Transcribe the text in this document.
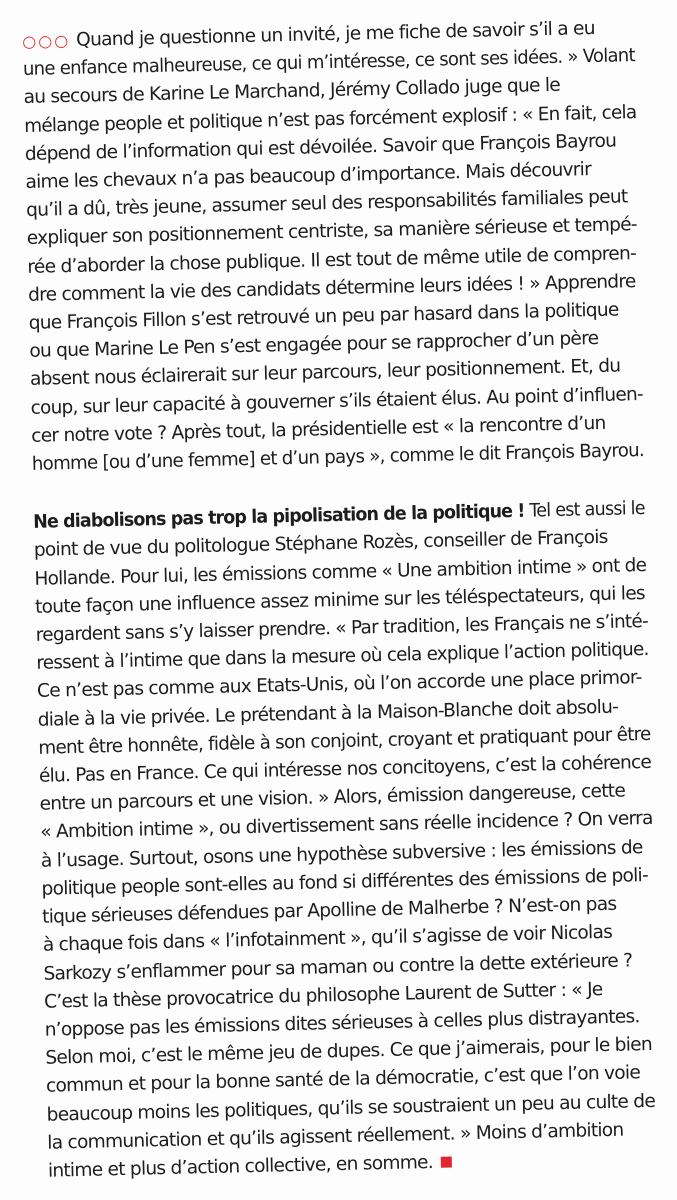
○○○ Quand je questionne un invité, je me fiche de savoir s’il a eu

une enfance malheureuse, ce qui m’intéresse, ce sont ses idées. » Volant

au secours de Karine Le Marchand, Jérémy Collado juge que le

mélange people et politique n’est pas forcément explosif : « En fait, cela

dépend de l’information qui est dévoilée. Savoir que François Bayrou

aime les chevaux n’a pas beaucoup d’importance. Mais découvrir

qu’il a dû, très jeune, assumer seul des responsabilités familiales peut

expliquer son positionnement centriste, sa manière sérieuse et tempé-

rée d’aborder la chose publique. Il est tout de même utile de compren-

dre comment la vie des candidats détermine leurs idées ! » Apprendre

que François Fillon s’est retrouvé un peu par hasard dans la politique

ou que Marine Le Pen s’est engagée pour se rapprocher d’un père

absent nous éclairerait sur leur parcours, leur positionnement. Et, du

coup, sur leur capacité à gouverner s’ils étaient élus. Au point d’influen-

cer notre vote ? Après tout, la présidentielle est « la rencontre d’un

homme [ou d’une femme] et d’un pays », comme le dit François Bayrou.

Ne diabolisons pas trop la pipolisation de la politique ! Tel est aussi le

point de vue du politologue Stéphane Rozès, conseiller de François

Hollande. Pour lui, les émissions comme « Une ambition intime » ont de

toute façon une influence assez minime sur les téléspectateurs, qui les

regardent sans s’y laisser prendre. « Par tradition, les Français ne s’inté-

ressent à l’intime que dans la mesure où cela explique l’action politique.

Ce n’est pas comme aux Etats-Unis, où l’on accorde une place primor-

diale à la vie privée. Le prétendant à la Maison-Blanche doit absolu-

ment être honnête, fidèle à son conjoint, croyant et pratiquant pour être

élu. Pas en France. Ce qui intéresse nos concitoyens, c’est la cohérence

entre un parcours et une vision. » Alors, émission dangereuse, cette

« Ambition intime », ou divertissement sans réelle incidence ? On verra

à l’usage. Surtout, osons une hypothèse subversive : les émissions de

politique people sont-elles au fond si différentes des émissions de poli-

tique sérieuses défendues par Apolline de Malherbe ? N’est-on pas

à chaque fois dans « l’infotainment », qu’il s’agisse de voir Nicolas

Sarkozy s’enflammer pour sa maman ou contre la dette extérieure ?

C’est la thèse provocatrice du philosophe Laurent de Sutter : « Je

n’oppose pas les émissions dites sérieuses à celles plus distrayantes.

Selon moi, c’est le même jeu de dupes. Ce que j’aimerais, pour le bien

commun et pour la bonne santé de la démocratie, c’est que l’on voie

beaucoup moins les politiques, qu’ils se soustraient un peu au culte de

la communication et qu’ils agissent réellement. » Moins d’ambition

intime et plus d’action collective, en somme.
